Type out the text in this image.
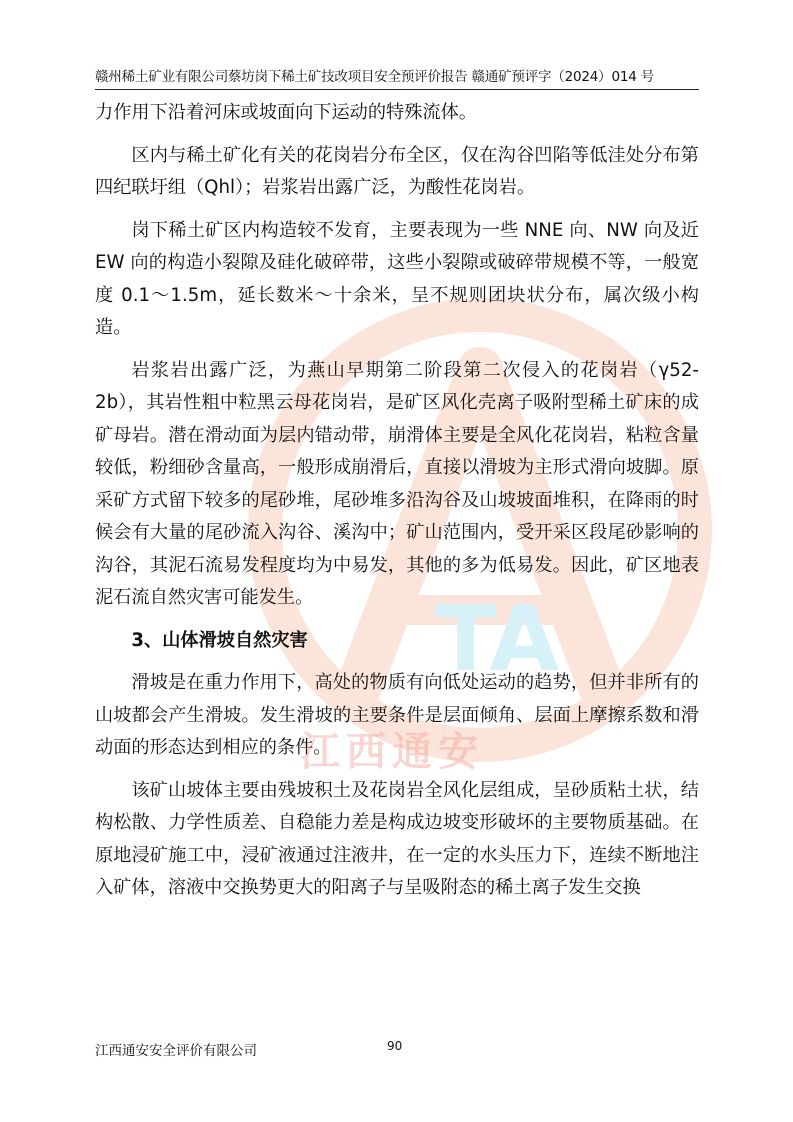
TA
江西通安
赣州稀土矿业有限公司蔡坊岗下稀土矿技改项目安全预评价报告 赣通矿预评字（2024）014 号

力作用下沿着河床或坡面向下运动的特殊流体。

区内与稀土矿化有关的花岗岩分布全区，仅在沟谷凹陷等低洼处分布第四纪联圩组（Qhl）；岩浆岩出露广泛，为酸性花岗岩。

岗下稀土矿区内构造较不发育，主要表现为一些 NNE 向、NW 向及近 EW 向的构造小裂隙及硅化破碎带，这些小裂隙或破碎带规模不等，一般宽度 0.1～1.5m，延长数米～十余米，呈不规则团块状分布，属次级小构造。

岩浆岩出露广泛，为燕山早期第二阶段第二次侵入的花岗岩（γ52-2b），其岩性粗中粒黑云母花岗岩，是矿区风化壳离子吸附型稀土矿床的成矿母岩。潜在滑动面为层内错动带，崩滑体主要是全风化花岗岩，粘粒含量较低，粉细砂含量高，一般形成崩滑后，直接以滑坡为主形式滑向坡脚。原采矿方式留下较多的尾砂堆，尾砂堆多沿沟谷及山坡坡面堆积，在降雨的时候会有大量的尾砂流入沟谷、溪沟中；矿山范围内，受开采区段尾砂影响的沟谷，其泥石流易发程度均为中易发，其他的多为低易发。因此，矿区地表泥石流自然灾害可能发生。

3、山体滑坡自然灾害

滑坡是在重力作用下，高处的物质有向低处运动的趋势，但并非所有的山坡都会产生滑坡。发生滑坡的主要条件是层面倾角、层面上摩擦系数和滑动面的形态达到相应的条件。

该矿山坡体主要由残坡积土及花岗岩全风化层组成，呈砂质粘土状，结构松散、力学性质差、自稳能力差是构成边坡变形破坏的主要物质基础。在原地浸矿施工中，浸矿液通过注液井，在一定的水头压力下，连续不断地注入矿体，溶液中交换势更大的阳离子与呈吸附态的稀土离子发生交换

江西通安安全评价有限公司	90
